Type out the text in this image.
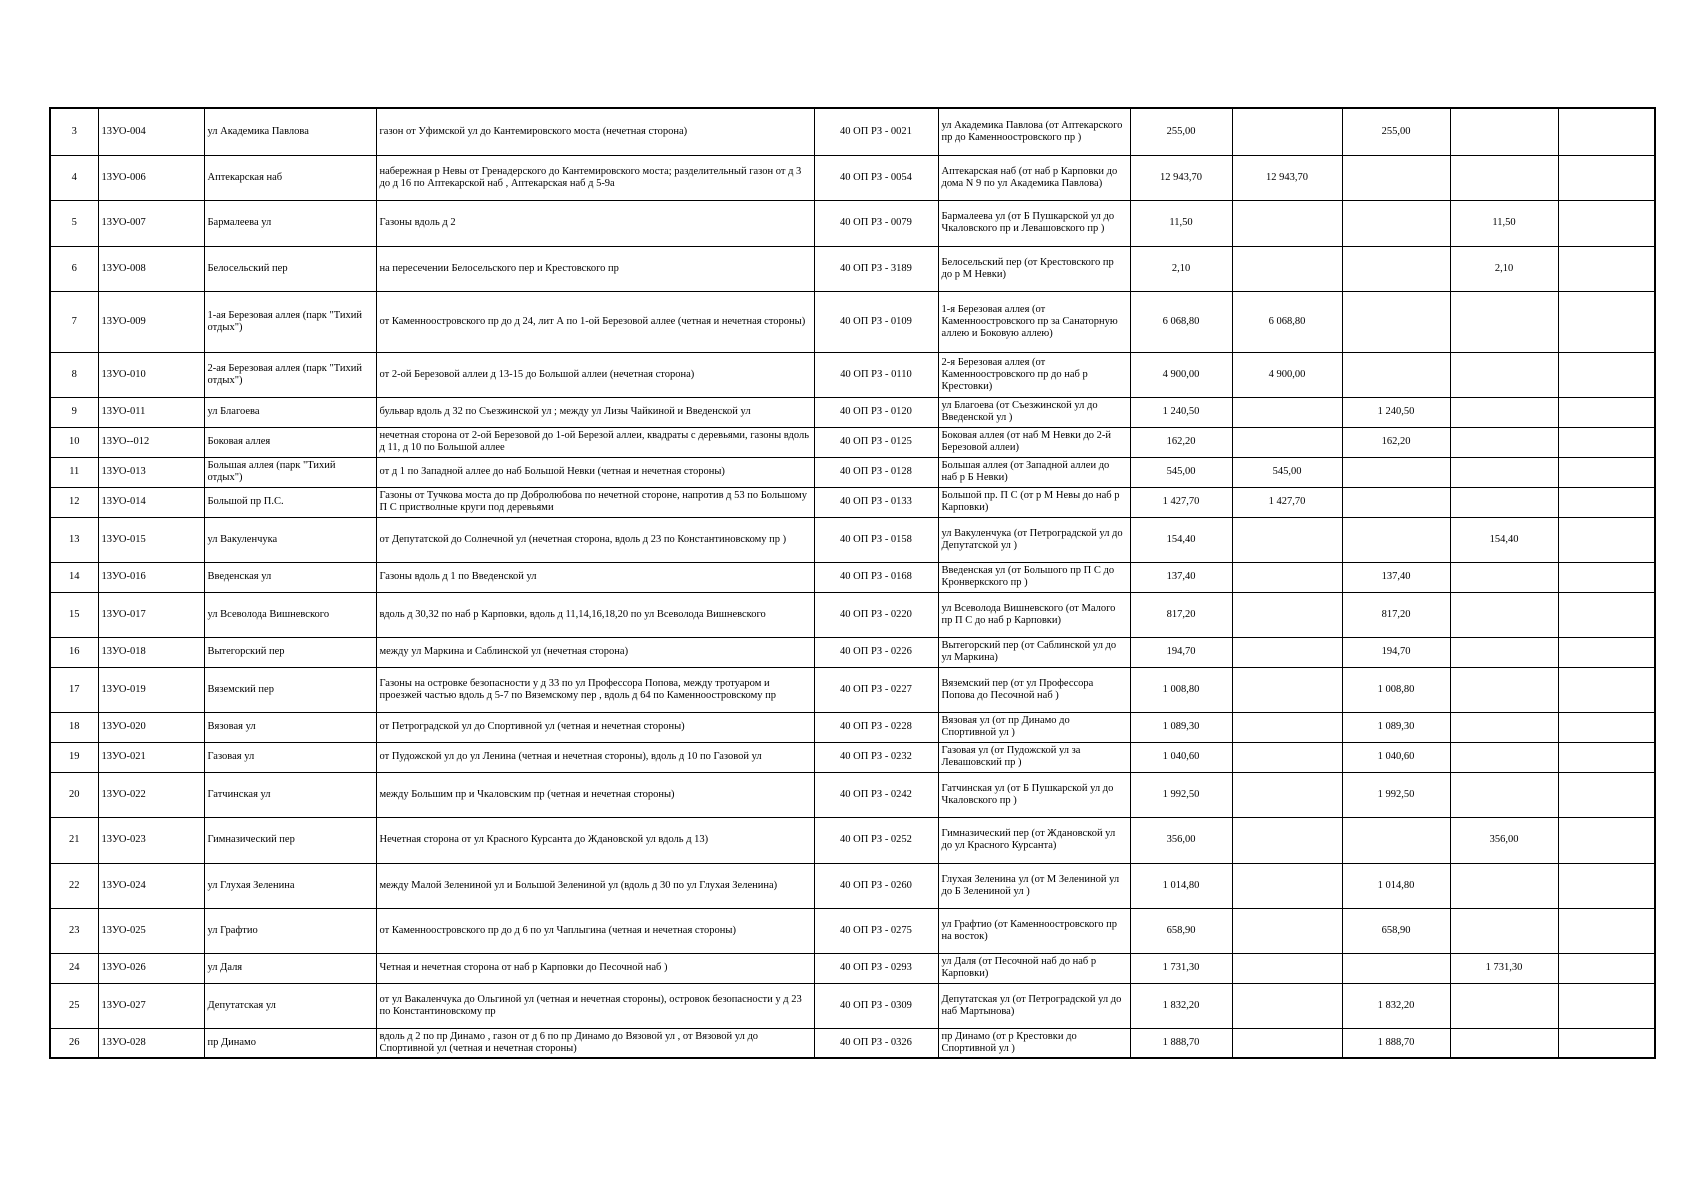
3	13УО-004	ул Академика Павлова	газон от Уфимской ул до Кантемировского моста (нечетная сторона)	40 ОП РЗ - 0021	ул Академика Павлова (от Аптекарского пр до Каменноостровского пр )	255,00		255,00		
4	13УО-006	Аптекарская наб	набережная р Невы от Гренадерского до Кантемировского моста; разделительный газон от д 3 до д 16 по Аптекарской наб , Аптекарская наб д 5-9а	40 ОП РЗ - 0054	Аптекарская наб (от наб р Карповки до дома N 9 по ул Академика Павлова)	12 943,70	12 943,70			
5	13УО-007	Бармалеева ул	Газоны вдоль д 2	40 ОП РЗ - 0079	Бармалеева ул (от Б Пушкарской ул до Чкаловского пр и Левашовского пр )	11,50			11,50	
6	13УО-008	Белосельский пер	на пересечении Белосельского пер и Крестовского пр	40 ОП РЗ - 3189	Белосельский пер (от Крестовского пр до р М Невки)	2,10			2,10	
7	13УО-009	1-ая Березовая аллея (парк "Тихий отдых")	от Каменноостровского пр до д 24, лит А по 1-ой Березовой аллее (четная и нечетная стороны)	40 ОП РЗ - 0109	1-я Березовая аллея (от Каменноостровского пр за Санаторную аллею и Боковую аллею)	6 068,80	6 068,80			
8	13УО-010	2-ая Березовая аллея (парк "Тихий отдых")	от 2-ой Березовой аллеи д 13-15 до Большой аллеи (нечетная сторона)	40 ОП РЗ - 0110	2-я Березовая аллея (от Каменноостровского пр до наб р Крестовки)	4 900,00	4 900,00			
9	13УО-011	ул Благоева	бульвар вдоль д 32 по Съезжинской ул ; между ул Лизы Чайкиной и Введенской ул	40 ОП РЗ - 0120	ул Благоева (от Съезжинской ул до Введенской ул )	1 240,50		1 240,50		
10	13УО--012	Боковая аллея	нечетная сторона от 2-ой Березовой до 1-ой Березой аллеи, квадраты с деревьями, газоны вдоль д 11, д 10 по Большой аллее	40 ОП РЗ - 0125	Боковая аллея (от наб М Невки до 2-й Березовой аллеи)	162,20		162,20		
11	13УО-013	Большая аллея (парк "Тихий отдых")	от д 1 по Западной аллее до наб Большой Невки (четная и нечетная стороны)	40 ОП РЗ - 0128	Большая аллея (от Западной аллеи до наб р Б Невки)	545,00	545,00			
12	13УО-014	Большой пр П.С.	Газоны от Тучкова моста до пр Добролюбова по нечетной стороне, напротив д 53 по Большому П С пристволные круги под деревьями	40 ОП РЗ - 0133	Большой пр. П С (от р М Невы до наб р Карповки)	1 427,70	1 427,70			
13	13УО-015	ул Вакуленчука	от Депутатской до Солнечной ул (нечетная сторона, вдоль д 23 по Константиновскому пр )	40 ОП РЗ - 0158	ул Вакуленчука (от Петроградской ул до Депутатской ул )	154,40			154,40	
14	13УО-016	Введенская ул	Газоны вдоль д 1 по Введенской ул	40 ОП РЗ - 0168	Введенская ул (от Большого пр П С до Кронверкского пр )	137,40		137,40		
15	13УО-017	ул Всеволода Вишневского	вдоль д 30,32 по наб р Карповки, вдоль д 11,14,16,18,20 по ул Всеволода Вишневского	40 ОП РЗ - 0220	ул Всеволода Вишневского (от Малого пр П С до наб р Карповки)	817,20		817,20		
16	13УО-018	Вытегорский пер	между ул Маркина и Саблинской ул (нечетная сторона)	40 ОП РЗ - 0226	Вытегорский пер (от Саблинской ул до ул Маркина)	194,70		194,70		
17	13УО-019	Вяземский пер	Газоны на островке безопасности у д 33 по ул Профессора Попова, между тротуаром и проезжей частью вдоль д 5-7 по Вяземскому пер , вдоль д 64 по Каменноостровскому пр	40 ОП РЗ - 0227	Вяземский пер (от ул Профессора Попова до Песочной наб )	1 008,80		1 008,80		
18	13УО-020	Вязовая ул	от Петроградской ул до Спортивной ул (четная и нечетная стороны)	40 ОП РЗ - 0228	Вязовая ул (от пр Динамо до Спортивной ул )	1 089,30		1 089,30		
19	13УО-021	Газовая ул	от Пудожской ул до ул Ленина (четная и нечетная стороны), вдоль д 10 по Газовой ул	40 ОП РЗ - 0232	Газовая ул (от Пудожской ул за Левашовский пр )	1 040,60		1 040,60		
20	13УО-022	Гатчинская ул	между Большим пр и Чкаловским пр (четная и нечетная стороны)	40 ОП РЗ - 0242	Гатчинская ул (от Б Пушкарской ул до Чкаловского пр )	1 992,50		1 992,50		
21	13УО-023	Гимназический пер	Нечетная сторона от ул Красного Курсанта до Ждановской ул вдоль д 13)	40 ОП РЗ - 0252	Гимназический пер (от Ждановской ул до ул Красного Курсанта)	356,00			356,00	
22	13УО-024	ул Глухая Зеленина	между Малой Зелениной ул и Большой Зелениной ул (вдоль д 30 по ул Глухая Зеленина)	40 ОП РЗ - 0260	Глухая Зеленина ул (от М Зелениной ул до Б Зелениной ул )	1 014,80		1 014,80		
23	13УО-025	ул Графтио	от Каменноостровского пр до д 6 по ул Чаплыгина (четная и нечетная стороны)	40 ОП РЗ - 0275	ул Графтио (от Каменноостровского пр на восток)	658,90		658,90		
24	13УО-026	ул Даля	Четная и нечетная сторона от наб р Карповки до Песочной наб )	40 ОП РЗ - 0293	ул Даля (от Песочной наб до наб р Карповки)	1 731,30			1 731,30	
25	13УО-027	Депутатская ул	от ул Вакаленчука до Ольгиной ул (четная и нечетная стороны), островок безопасности у д 23 по Константиновскому пр	40 ОП РЗ - 0309	Депутатская ул (от Петроградской ул до наб Мартынова)	1 832,20		1 832,20		
26	13УО-028	пр Динамо	вдоль д 2 по пр Динамо , газон от д 6 по пр Динамо до Вязовой ул , от Вязовой ул до Спортивной ул (четная и нечетная стороны)	40 ОП РЗ - 0326	пр Динамо (от р Крестовки до Спортивной ул )	1 888,70		1 888,70		
